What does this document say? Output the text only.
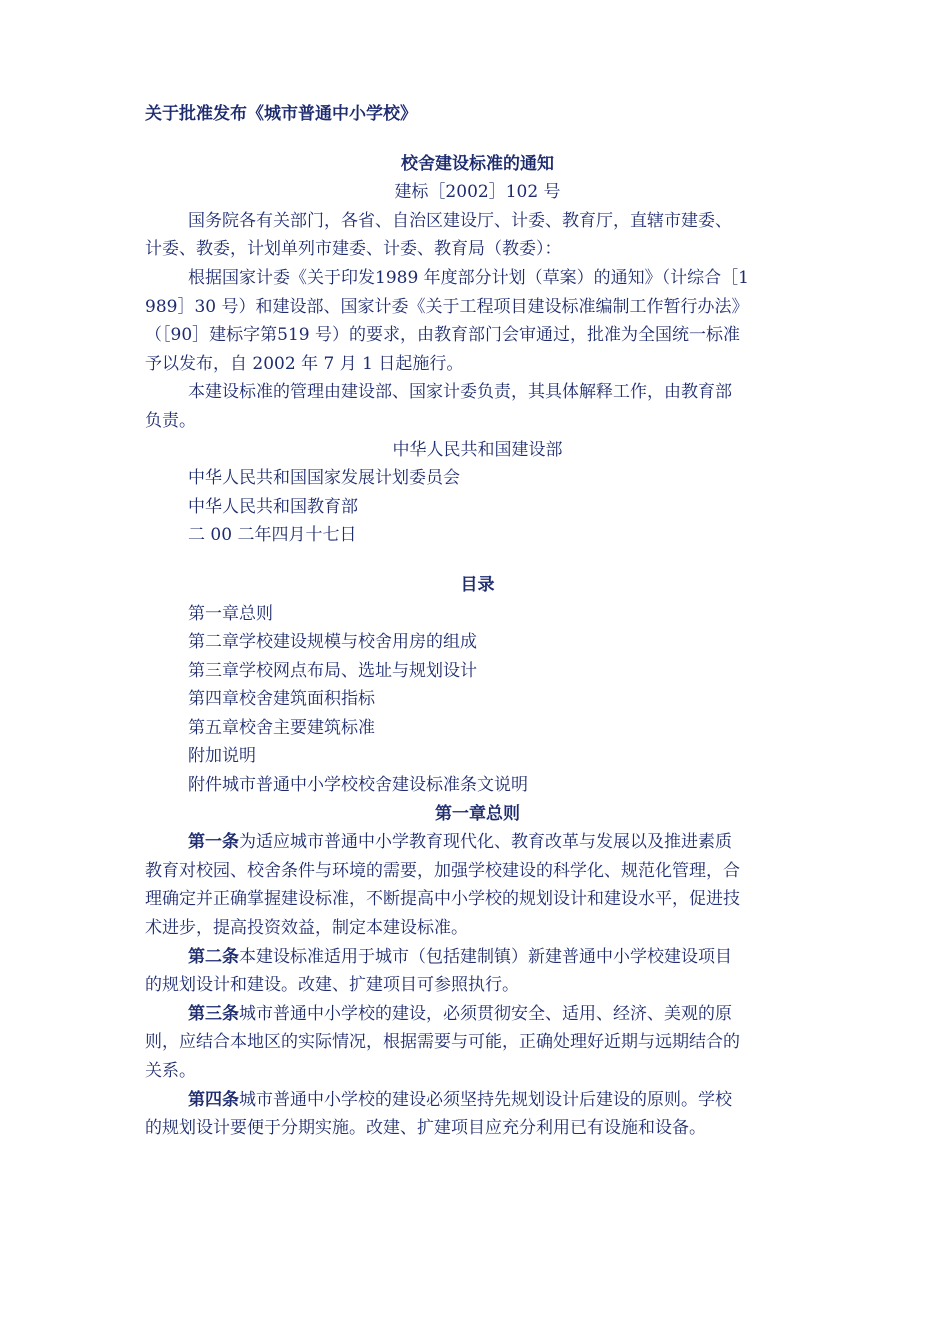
关于批准发布《城市普通中小学校》

校舍建设标准的通知

建标［2002］102 号

国务院各有关部门，各省、自治区建设厅、计委、教育厅，直辖市建委、

计委、教委，计划单列市建委、计委、教育局（教委）：

根据国家计委《关于印发1989 年度部分计划（草案）的通知》（计综合［1

989］30 号）和建设部、国家计委《关于工程项目建设标准编制工作暂行办法》

（［90］建标字第519 号）的要求，由教育部门会审通过，批准为全国统一标准

予以发布，自 2002 年 7 月 1 日起施行。

本建设标准的管理由建设部、国家计委负责，其具体解释工作，由教育部

负责。

中华人民共和国建设部

中华人民共和国国家发展计划委员会

中华人民共和国教育部

二 00 二年四月十七日

目录

第一章总则

第二章学校建设规模与校舍用房的组成

第三章学校网点布局、选址与规划设计

第四章校舍建筑面积指标

第五章校舍主要建筑标准

附加说明

附件城市普通中小学校校舍建设标准条文说明

第一章总则

第一条为适应城市普通中小学教育现代化、教育改革与发展以及推进素质

教育对校园、校舍条件与环境的需要，加强学校建设的科学化、规范化管理，合

理确定并正确掌握建设标准，不断提高中小学校的规划设计和建设水平，促进技

术进步，提高投资效益，制定本建设标准。

第二条本建设标准适用于城市（包括建制镇）新建普通中小学校建设项目

的规划设计和建设。改建、扩建项目可参照执行。

第三条城市普通中小学校的建设，必须贯彻安全、适用、经济、美观的原

则，应结合本地区的实际情况，根据需要与可能，正确处理好近期与远期结合的

关系。

第四条城市普通中小学校的建设必须坚持先规划设计后建设的原则。学校

的规划设计要便于分期实施。改建、扩建项目应充分利用已有设施和设备。
